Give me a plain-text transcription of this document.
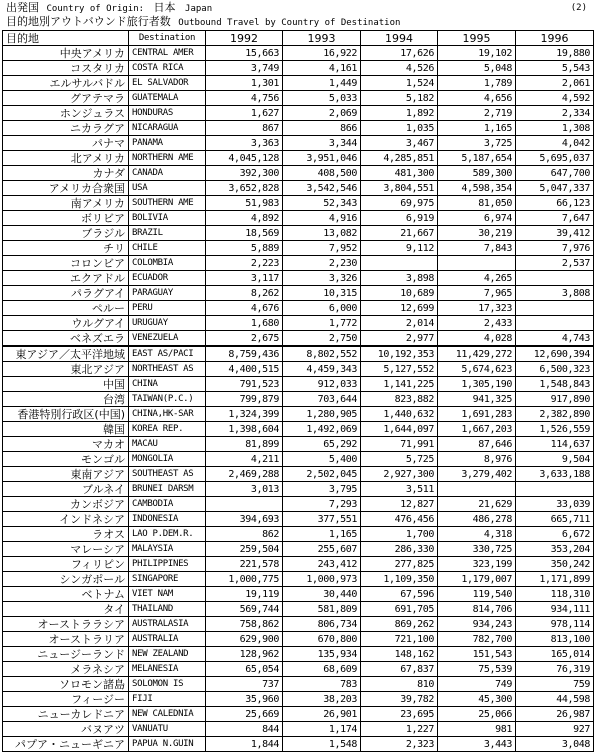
出発国 Country of Origin: 日本 Japan	(2)
目的地別アウトバウンド旅行者数 Outbound Travel by Country of Destination
目的地	Destination	1992	1993	1994	1995	1996
中央アメリカ	CENTRAL AMER	15,663	16,922	17,626	19,102	19,880
コスタリカ	COSTA RICA	3,749	4,161	4,526	5,048	5,543
エルサルバドル	EL SALVADOR	1,301	1,449	1,524	1,789	2,061
グアテマラ	GUATEMALA	4,756	5,033	5,182	4,656	4,592
ホンジュラス	HONDURAS	1,627	2,069	1,892	2,719	2,334
ニカラグア	NICARAGUA	867	866	1,035	1,165	1,308
パナマ	PANAMA	3,363	3,344	3,467	3,725	4,042
北アメリカ	NORTHERN AME	4,045,128	3,951,046	4,285,851	5,187,654	5,695,037
カナダ	CANADA	392,300	408,500	481,300	589,300	647,700
アメリカ合衆国	USA	3,652,828	3,542,546	3,804,551	4,598,354	5,047,337
南アメリカ	SOUTHERN AME	51,983	52,343	69,975	81,050	66,123
ボリビア	BOLIVIA	4,892	4,916	6,919	6,974	7,647
ブラジル	BRAZIL	18,569	13,082	21,667	30,219	39,412
チリ	CHILE	5,889	7,952	9,112	7,843	7,976
コロンビア	COLOMBIA	2,223	2,230			2,537
エクアドル	ECUADOR	3,117	3,326	3,898	4,265	
パラグアイ	PARAGUAY	8,262	10,315	10,689	7,965	3,808
ペルー	PERU	4,676	6,000	12,699	17,323	
ウルグアイ	URUGUAY	1,680	1,772	2,014	2,433	
ベネズエラ	VENEZUELA	2,675	2,750	2,977	4,028	4,743
東アジア／太平洋地域	EAST AS/PACI	8,759,436	8,802,552	10,192,353	11,429,272	12,690,394
東北アジア	NORTHEAST AS	4,400,515	4,459,343	5,127,552	5,674,623	6,500,323
中国	CHINA	791,523	912,033	1,141,225	1,305,190	1,548,843
台湾	TAIWAN(P.C.)	799,879	703,644	823,882	941,325	917,890
香港特別行政区(中国)	CHINA,HK-SAR	1,324,399	1,280,905	1,440,632	1,691,283	2,382,890
韓国	KOREA REP.	1,398,604	1,492,069	1,644,097	1,667,203	1,526,559
マカオ	MACAU	81,899	65,292	71,991	87,646	114,637
モンゴル	MONGOLIA	4,211	5,400	5,725	8,976	9,504
東南アジア	SOUTHEAST AS	2,469,288	2,502,045	2,927,300	3,279,402	3,633,188
ブルネイ	BRUNEI DARSM	3,013	3,795	3,511		
カンボジア	CAMBODIA		7,293	12,827	21,629	33,039
インドネシア	INDONESIA	394,693	377,551	476,456	486,278	665,711
ラオス	LAO P.DEM.R.	862	1,165	1,700	4,318	6,672
マレーシア	MALAYSIA	259,504	255,607	286,330	330,725	353,204
フィリピン	PHILIPPINES	221,578	243,412	277,825	323,199	350,242
シンガポール	SINGAPORE	1,000,775	1,000,973	1,109,350	1,179,007	1,171,899
ベトナム	VIET NAM	19,119	30,440	67,596	119,540	118,310
タイ	THAILAND	569,744	581,809	691,705	814,706	934,111
オーストララシア	AUSTRALASIA	758,862	806,734	869,262	934,243	978,114
オーストラリア	AUSTRALIA	629,900	670,800	721,100	782,700	813,100
ニュージーランド	NEW ZEALAND	128,962	135,934	148,162	151,543	165,014
メラネシア	MELANESIA	65,054	68,609	67,837	75,539	76,319
ソロモン諸島	SOLOMON IS	737	783	810	749	759
フィージー	FIJI	35,960	38,203	39,782	45,300	44,598
ニューカレドニア	NEW CALEDNIA	25,669	26,901	23,695	25,066	26,987
バヌアツ	VANUATU	844	1,174	1,227	981	927
パプア・ニューギニア	PAPUA N.GUIN	1,844	1,548	2,323	3,443	3,048
